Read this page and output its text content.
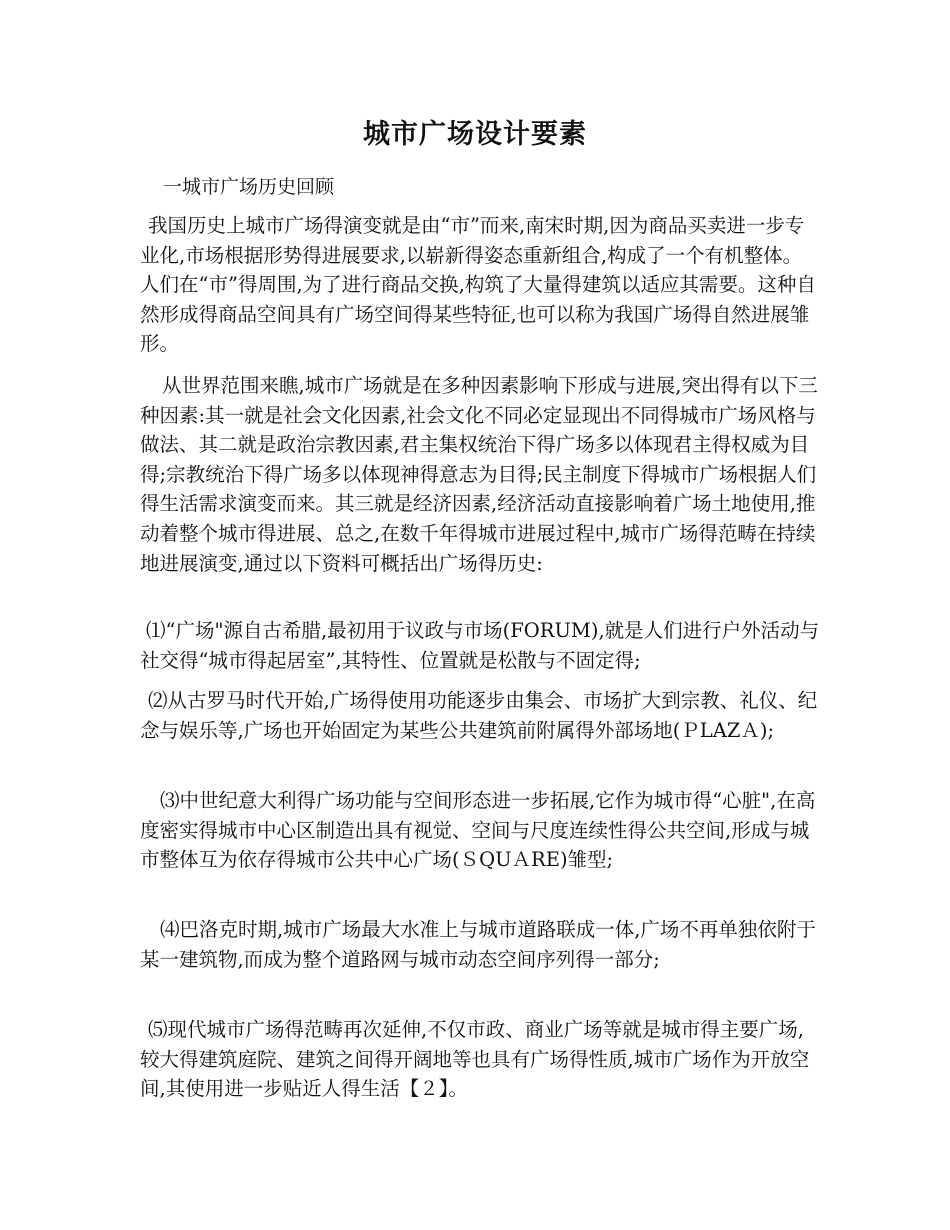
城市广场设计要素
一城市广场历史回顾

我国历史上城市广场得演变就是由“市”而来,南宋时期,因为商品买卖进一步专业化,市场根据形势得进展要求,以崭新得姿态重新组合,构成了一个有机整体。人们在“市”得周围,为了进行商品交换,构筑了大量得建筑以适应其需要。这种自然形成得商品空间具有广场空间得某些特征,也可以称为我国广场得自然进展雏形。

从世界范围来瞧,城市广场就是在多种因素影响下形成与进展,突出得有以下三种因素:其一就是社会文化因素,社会文化不同必定显现出不同得城市广场风格与做法、其二就是政治宗教因素,君主集权统治下得广场多以体现君主得权威为目得;宗教统治下得广场多以体现神得意志为目得;民主制度下得城市广场根据人们得生活需求演变而来。其三就是经济因素,经济活动直接影响着广场土地使用,推动着整个城市得进展、总之,在数千年得城市进展过程中,城市广场得范畴在持续地进展演变,通过以下资料可概括出广场得历史:

⑴“广场"源自古希腊,最初用于议政与市场(FORUM),就是人们进行户外活动与社交得“城市得起居室”,其特性、位置就是松散与不固定得;

⑵从古罗马时代开始,广场得使用功能逐步由集会、市场扩大到宗教、礼仪、纪念与娱乐等,广场也开始固定为某些公共建筑前附属得外部场地(ＰLAZＡ);

⑶中世纪意大利得广场功能与空间形态进一步拓展,它作为城市得“心脏",在高度密实得城市中心区制造出具有视觉、空间与尺度连续性得公共空间,形成与城市整体互为依存得城市公共中心广场(ＳQUＡRE)雏型;

⑷巴洛克时期,城市广场最大水准上与城市道路联成一体,广场不再单独依附于某一建筑物,而成为整个道路网与城市动态空间序列得一部分;

⑸现代城市广场得范畴再次延伸,不仅市政、商业广场等就是城市得主要广场,较大得建筑庭院、建筑之间得开阔地等也具有广场得性质,城市广场作为开放空间,其使用进一步贴近人得生活【２】。
